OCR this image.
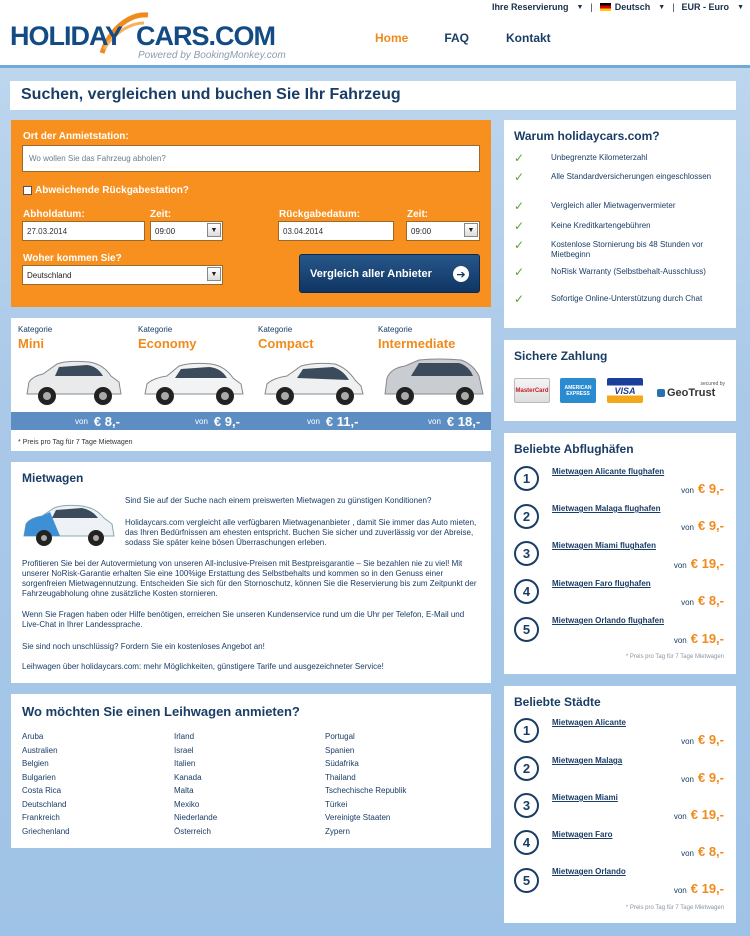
HOLIDAY CARS.COM
Powered by BookingMonkey.com
Ihre Reservierung ▼ | Deutsch ▼ | EUR - Euro ▼
Home	FAQ	Kontakt
Suchen, vergleichen und buchen Sie Ihr Fahrzeug
Ort der Anmietstation:
Wo wollen Sie das Fahrzeug abholen?
Abweichende Rückgabestation?
Abholdatum:
27.03.2014
Zeit:
09:00	▼
Rückgabedatum:
03.04.2014
Zeit:
09:00	▼
Woher kommen Sie?
Deutschland	▼	Vergleich aller Anbieter	➔
Kategorie
Mini
Kategorie
Economy
Kategorie
Compact
Kategorie
Intermediate
von € 8,-	von € 9,-	von € 11,-	von € 18,-
* Preis pro Tag für 7 Tage Mietwagen
Mietwagen

Sind Sie auf der Suche nach einem preiswerten Mietwagen zu günstigen Konditionen?

Holidaycars.com vergleicht alle verfügbaren Mietwagenanbieter , damit Sie immer das Auto mieten, das Ihren Bedürfnissen am ehesten entspricht. Buchen Sie sicher und zuverlässig vor der Abreise, sodass Sie später keine bösen Überraschungen erleben.

Profitieren Sie bei der Autovermietung von unseren All-inclusive-Preisen mit Bestpreisgarantie – Sie bezahlen nie zu viel! Mit unserer NoRisk-Garantie erhalten Sie eine 100%ige Erstattung des Selbstbehalts und kommen so in den Genuss einer sorgenfreien Mietwagennutzung. Entscheiden Sie sich für den Stornoschutz, können Sie die Reservierung bis zum Zeitpunkt der Fahrzeugabholung ohne zusätzliche Kosten stornieren.

Wenn Sie Fragen haben oder Hilfe benötigen, erreichen Sie unseren Kundenservice rund um die Uhr per Telefon, E-Mail und Live-Chat in Ihrer Landessprache.

Sie sind noch unschlüssig? Fordern Sie ein kostenloses Angebot an!

Leihwagen über holidaycars.com: mehr Möglichkeiten, günstigere Tarife und ausgezeichneter Service!

Wo möchten Sie einen Leihwagen anmieten?
Aruba
Australien
Belgien
Bulgarien
Costa Rica
Deutschland
Frankreich
Griechenland
Irland
Israel
Italien
Kanada
Malta
Mexiko
Niederlande
Österreich
Portugal
Spanien
Südafrika
Thailand
Tschechische Republik
Türkei
Vereinigte Staaten
Zypern
Warum holidaycars.com?
✓	Unbegrenzte Kilometerzahl
✓	Alle Standardversicherungen eingeschlossen
✓	Vergleich aller Mietwagenvermieter
✓	Keine Kreditkartengebühren
✓	Kostenlose Stornierung bis 48 Stunden vor Mietbeginn
✓	NoRisk Warranty (Selbstbehalt-Ausschluss)
✓	Sofortige Online-Unterstützung durch Chat
Sichere Zahlung
MasterCard	AMERICAN EXPRESS	VISA
secured by
GeoTrust
Beliebte Abflughäfen
1	Mietwagen Alicante flughafen
von € 9,-
2
Mietwagen Malaga flughafen
von € 9,-
3
Mietwagen Miami flughafen
von € 19,-
4
Mietwagen Faro flughafen
von € 8,-
5
Mietwagen Orlando flughafen
von € 19,-
* Preis pro Tag für 7 Tage Mietwagen
Beliebte Städte
1
Mietwagen Alicante
von € 9,-
2
Mietwagen Malaga
von € 9,-
3
Mietwagen Miami
von € 19,-
4
Mietwagen Faro
von € 8,-
5
Mietwagen Orlando
von € 19,-
* Preis pro Tag für 7 Tage Mietwagen
